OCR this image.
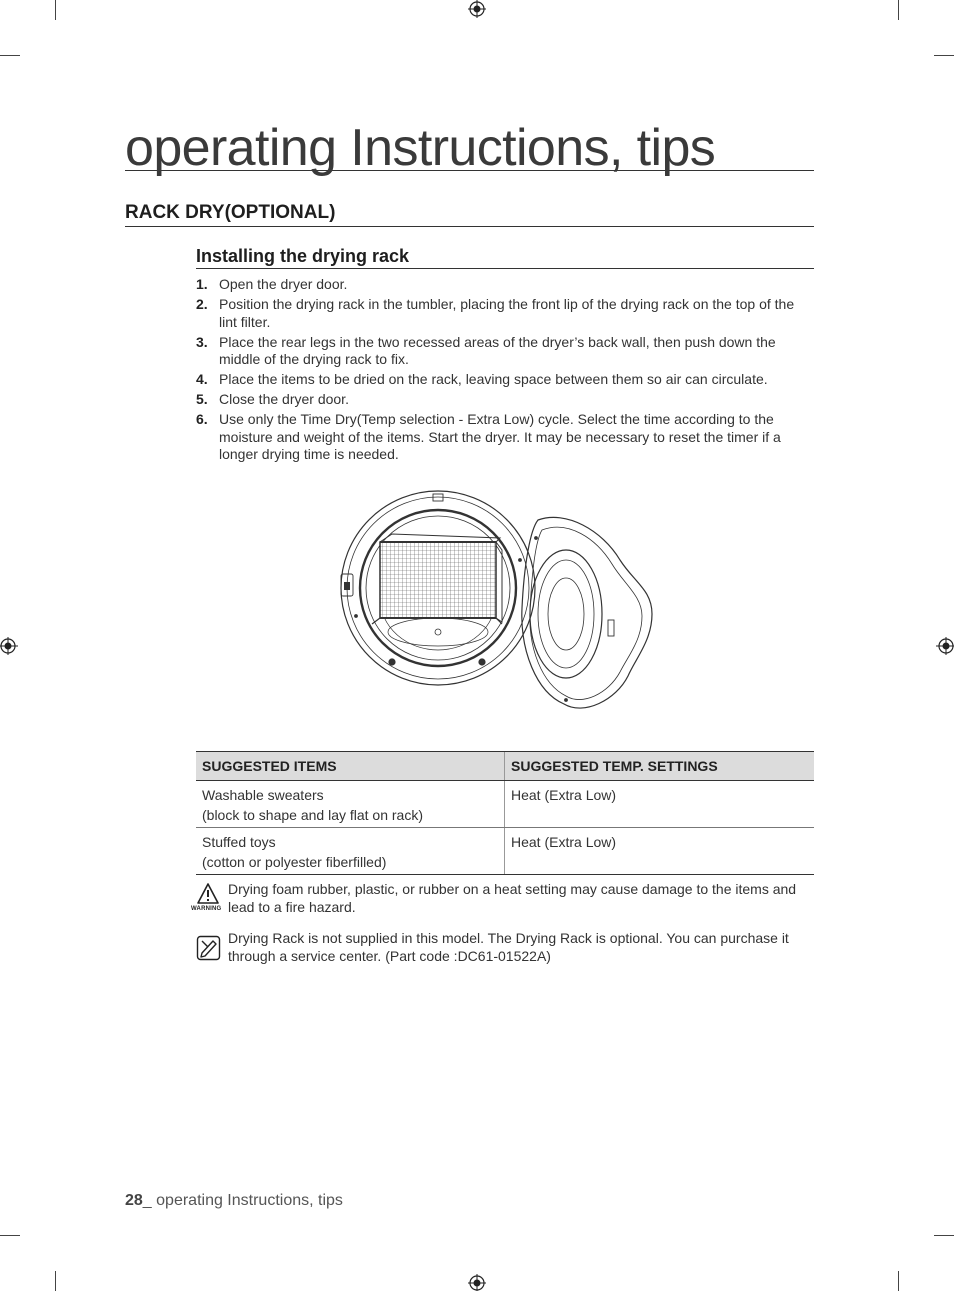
operating Instructions, tips
RACK DRY(OPTIONAL)
Installing the drying rack
1. Open the dryer door.
2. Position the drying rack in the tumbler, placing the front lip of the drying rack on the top of the lint filter.
3. Place the rear legs in the two recessed areas of the dryer’s back wall, then push down the middle of the drying rack to fix.
4. Place the items to be dried on the rack, leaving space between them so air can circulate.
5. Close the dryer door.
6. Use only the Time Dry(Temp selection - Extra Low) cycle. Select the time according to the moisture and weight of the items. Start the dryer. It may be necessary to reset the timer if a longer drying time is needed.
SUGGESTED ITEMS	SUGGESTED TEMP. SETTINGS

Washable sweaters
(block to shape and lay flat on rack)	Heat (Extra Low)

Stuffed toys
(cotton or polyester fiberfilled)	Heat (Extra Low)
WARNING

Drying foam rubber, plastic, or rubber on a heat setting may cause damage to the items and lead to a fire hazard.

Drying Rack is not supplied in this model. The Drying Rack is optional. You can purchase it through a service center. (Part code :DC61-01522A)

28_ operating Instructions, tips
